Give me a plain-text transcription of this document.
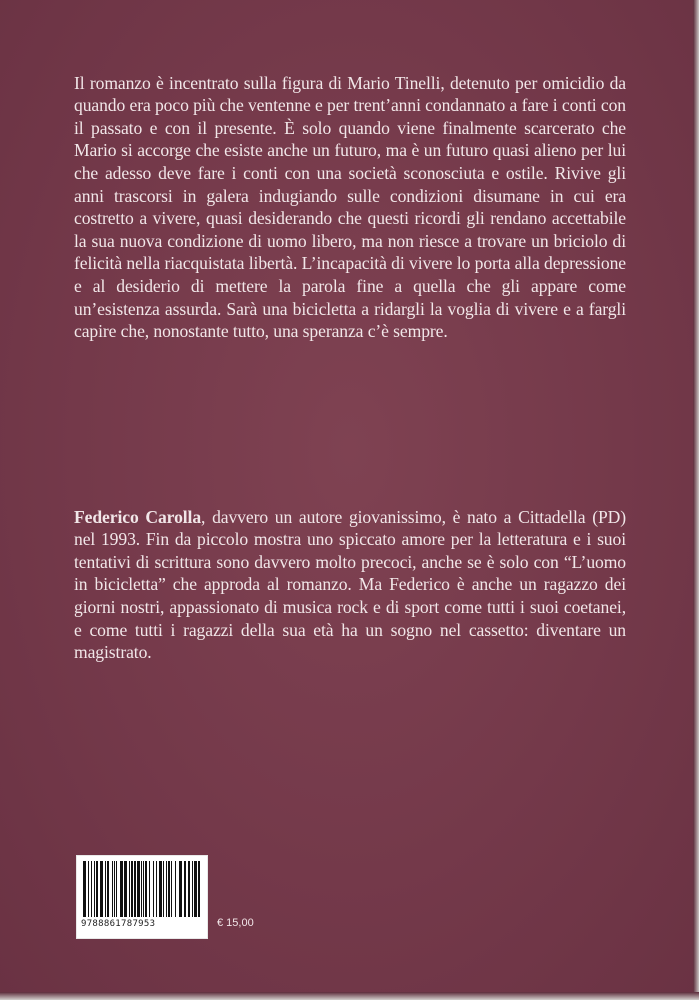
Il romanzo è incentrato sulla figura di Mario Tinelli, detenuto per omicidio da quando era poco più che ventenne e per trent’anni condannato a fare i conti con il passato e con il presente. È solo quando viene finalmente scarcerato che Mario si accorge che esiste anche un futuro, ma è un futuro quasi alieno per lui che adesso deve fare i conti con una società sconosciuta e ostile. Rivive gli anni trascorsi in galera indugiando sulle condizioni disumane in cui era costretto a vivere, quasi desiderando che questi ricordi gli rendano accettabile la sua nuova condizione di uomo libero, ma non riesce a trovare un briciolo di felicità nella riacquistata libertà. L’incapacità di vivere lo porta alla depressione e al desiderio di mettere la parola fine a quella che gli appare come un’esistenza assurda. Sarà una bicicletta a ridargli la voglia di vivere e a fargli capire che, nonostante tutto, una speranza c’è sempre.

Federico Carolla, davvero un autore giovanissimo, è nato a Cittadella (PD) nel 1993. Fin da piccolo mostra uno spiccato amore per la letteratura e i suoi tentativi di scrittura sono davvero molto precoci, anche se è solo con “L’uomo in bicicletta” che approda al romanzo. Ma Federico è anche un ragazzo dei giorni nostri, appassionato di musica rock e di sport come tutti i suoi coetanei, e come tutti i ragazzi della sua età ha un sogno nel cassetto: diventare un magistrato.

9788861787953	€ 15,00
